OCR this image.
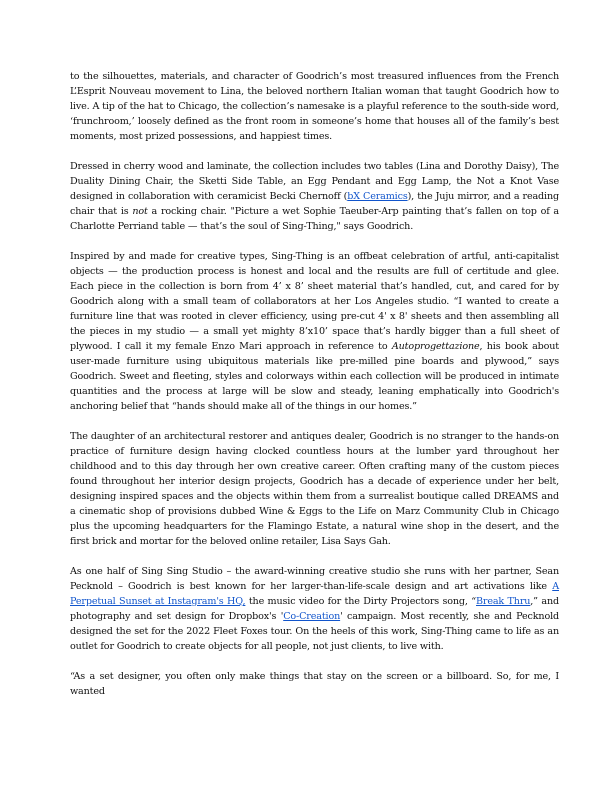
to the silhouettes, materials, and character of Goodrich’s most treasured influences from the French L’Esprit Nouveau movement to Lina, the beloved northern Italian woman that taught Goodrich how to live. A tip of the hat to Chicago, the collection’s namesake is a playful reference to the south-side word, ‘frunchroom,’ loosely defined as the front room in someone’s home that houses all of the family’s best moments, most prized possessions, and happiest times.

Dressed in cherry wood and laminate, the collection includes two tables (Lina and Dorothy Daisy), The Duality Dining Chair, the Sketti Side Table, an Egg Pendant and Egg Lamp, the Not a Knot Vase designed in collaboration with ceramicist Becki Chernoff (bX Ceramics), the Juju mirror, and a reading chair that is not a rocking chair. "Picture a wet Sophie Taeuber-Arp painting that’s fallen on top of a Charlotte Perriand table — that’s the soul of Sing-Thing," says Goodrich.

Inspired by and made for creative types, Sing-Thing is an offbeat celebration of artful, anti-capitalist objects — the production process is honest and local and the results are full of certitude and glee. Each piece in the collection is born from 4’ x 8’ sheet material that’s handled, cut, and cared for by Goodrich along with a small team of collaborators at her Los Angeles studio. “I wanted to create a furniture line that was rooted in clever efficiency, using pre-cut 4' x 8' sheets and then assembling all the pieces in my studio — a small yet mighty 8’x10’ space that’s hardly bigger than a full sheet of plywood. I call it my female Enzo Mari approach in reference to Autoprogettazione, his book about user-made furniture using ubiquitous materials like pre-milled pine boards and plywood,” says Goodrich. Sweet and fleeting, styles and colorways within each collection will be produced in intimate quantities and the process at large will be slow and steady, leaning emphatically into Goodrich's anchoring belief that “hands should make all of the things in our homes.”

The daughter of an architectural restorer and antiques dealer, Goodrich is no stranger to the hands-on practice of furniture design having clocked countless hours at the lumber yard throughout her childhood and to this day through her own creative career. Often crafting many of the custom pieces found throughout her interior design projects, Goodrich has a decade of experience under her belt, designing inspired spaces and the objects within them from a surrealist boutique called DREAMS and a cinematic shop of provisions dubbed Wine & Eggs to the Life on Marz Community Club in Chicago plus the upcoming headquarters for the Flamingo Estate, a natural wine shop in the desert, and the first brick and mortar for the beloved online retailer, Lisa Says Gah.

As one half of Sing Sing Studio – the award-winning creative studio she runs with her partner, Sean Pecknold – Goodrich is best known for her larger-than-life-scale design and art activations like A Perpetual Sunset at Instagram's HQ, the music video for the Dirty Projectors song, “Break Thru,” and photography and set design for Dropbox's 'Co-Creation' campaign. Most recently, she and Pecknold designed the set for the 2022 Fleet Foxes tour. On the heels of this work, Sing-Thing came to life as an outlet for Goodrich to create objects for all people, not just clients, to live with.

“As a set designer, you often only make things that stay on the screen or a billboard. So, for me, I wanted
